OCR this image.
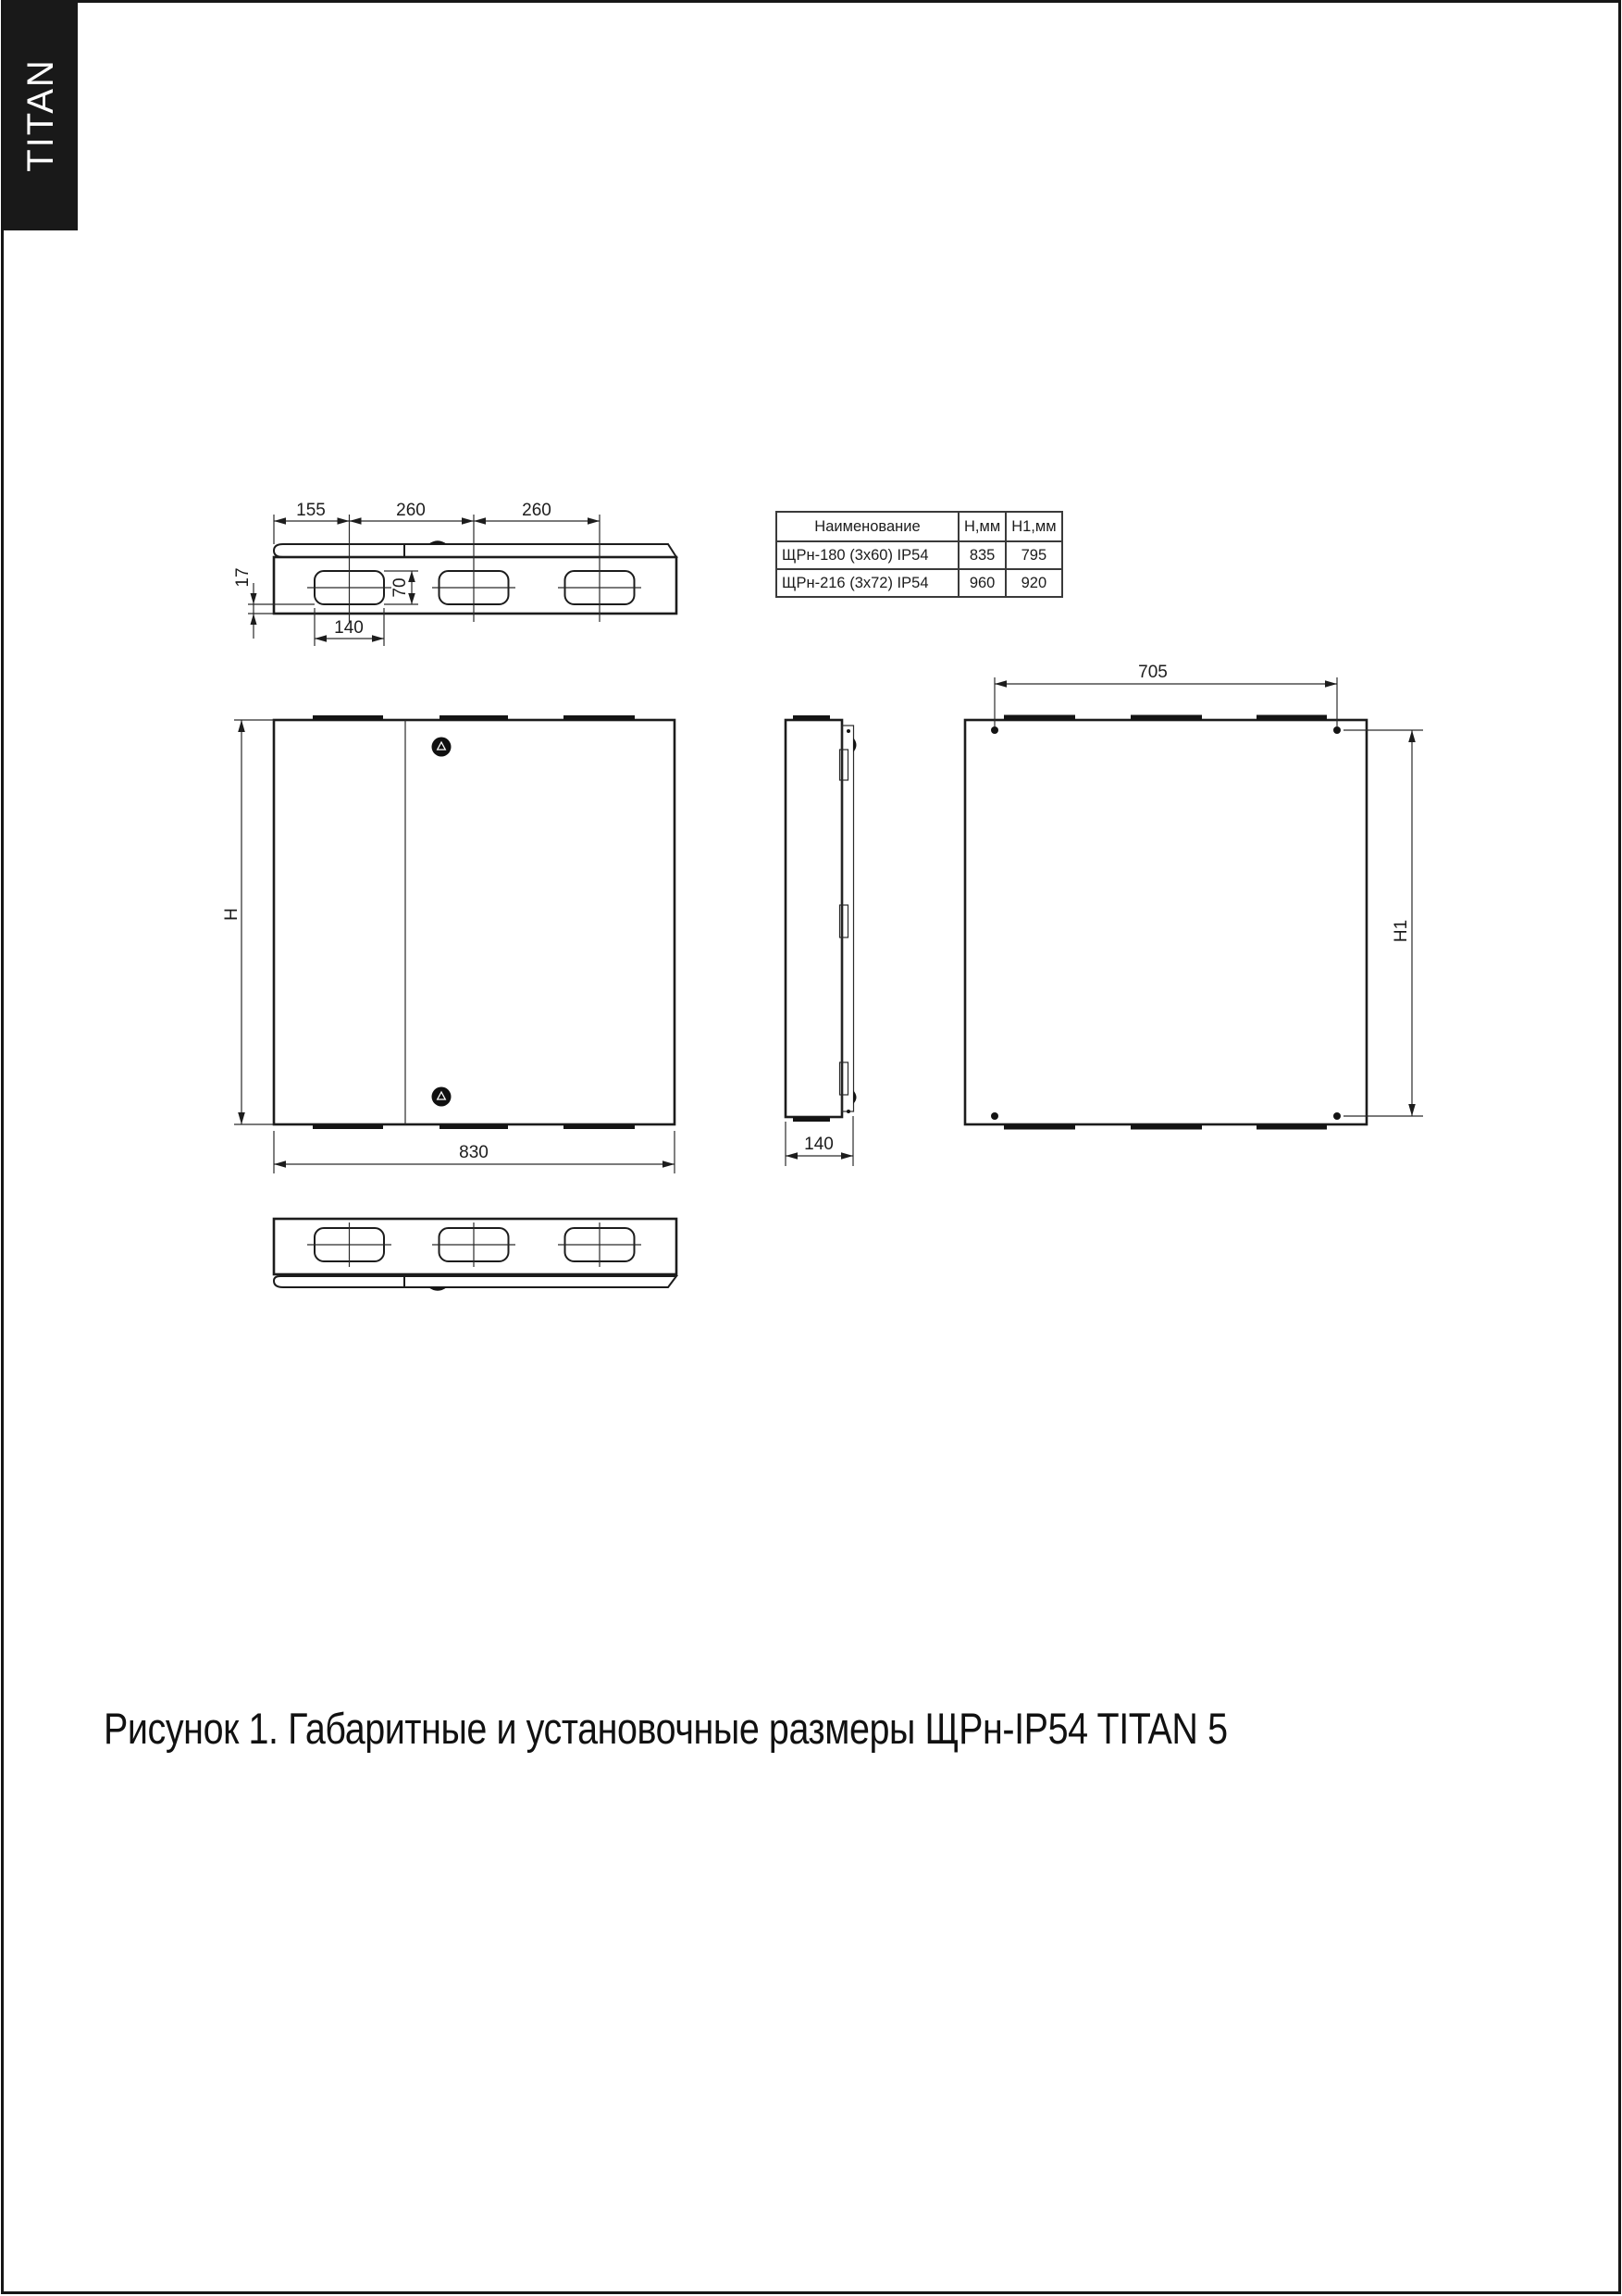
TITAN
Наименование	Н,мм	Н1,мм
ЩРн-180 (3х60) IP54	835	795
ЩРн-216 (3х72) IP54	960	920
155	260	260
17
70
140
H
830	140
705
H1
Рисунок 1. Габаритные и установочные размеры ЩРн-IP54 TITAN 5
